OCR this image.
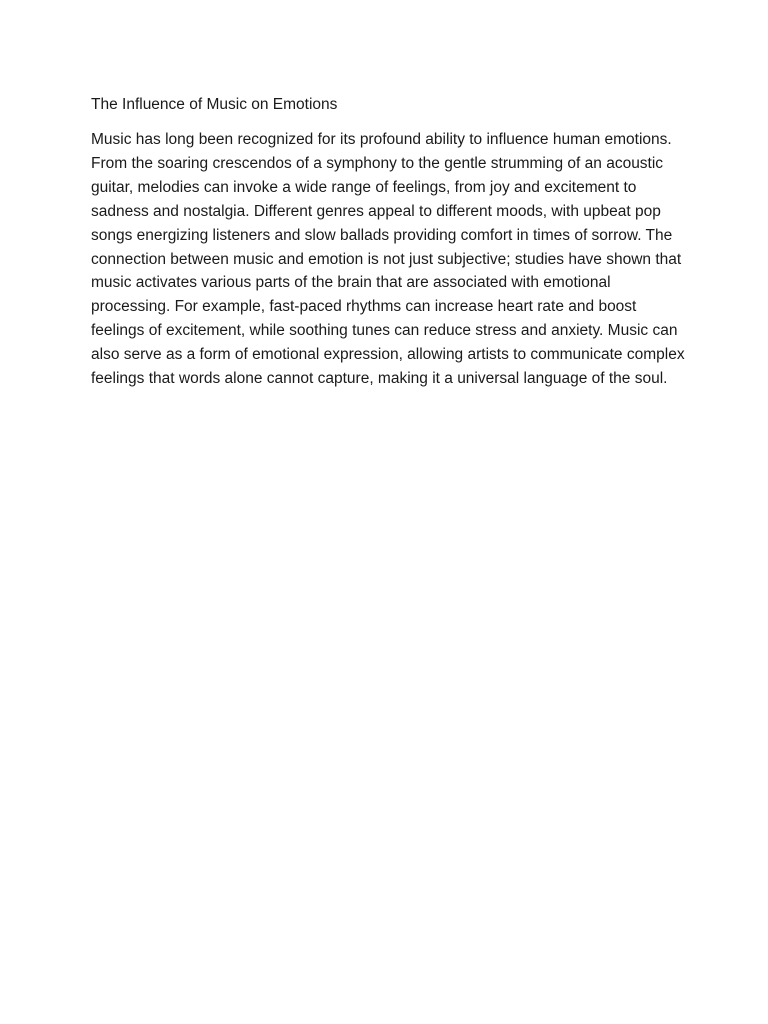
The Influence of Music on Emotions

Music has long been recognized for its profound ability to influence human emotions. From the soaring crescendos of a symphony to the gentle strumming of an acoustic guitar, melodies can invoke a wide range of feelings, from joy and excitement to sadness and nostalgia. Different genres appeal to different moods, with upbeat pop songs energizing listeners and slow ballads providing comfort in times of sorrow. The connection between music and emotion is not just subjective; studies have shown that music activates various parts of the brain that are associated with emotional processing. For example, fast-paced rhythms can increase heart rate and boost feelings of excitement, while soothing tunes can reduce stress and anxiety. Music can also serve as a form of emotional expression, allowing artists to communicate complex feelings that words alone cannot capture, making it a universal language of the soul.
